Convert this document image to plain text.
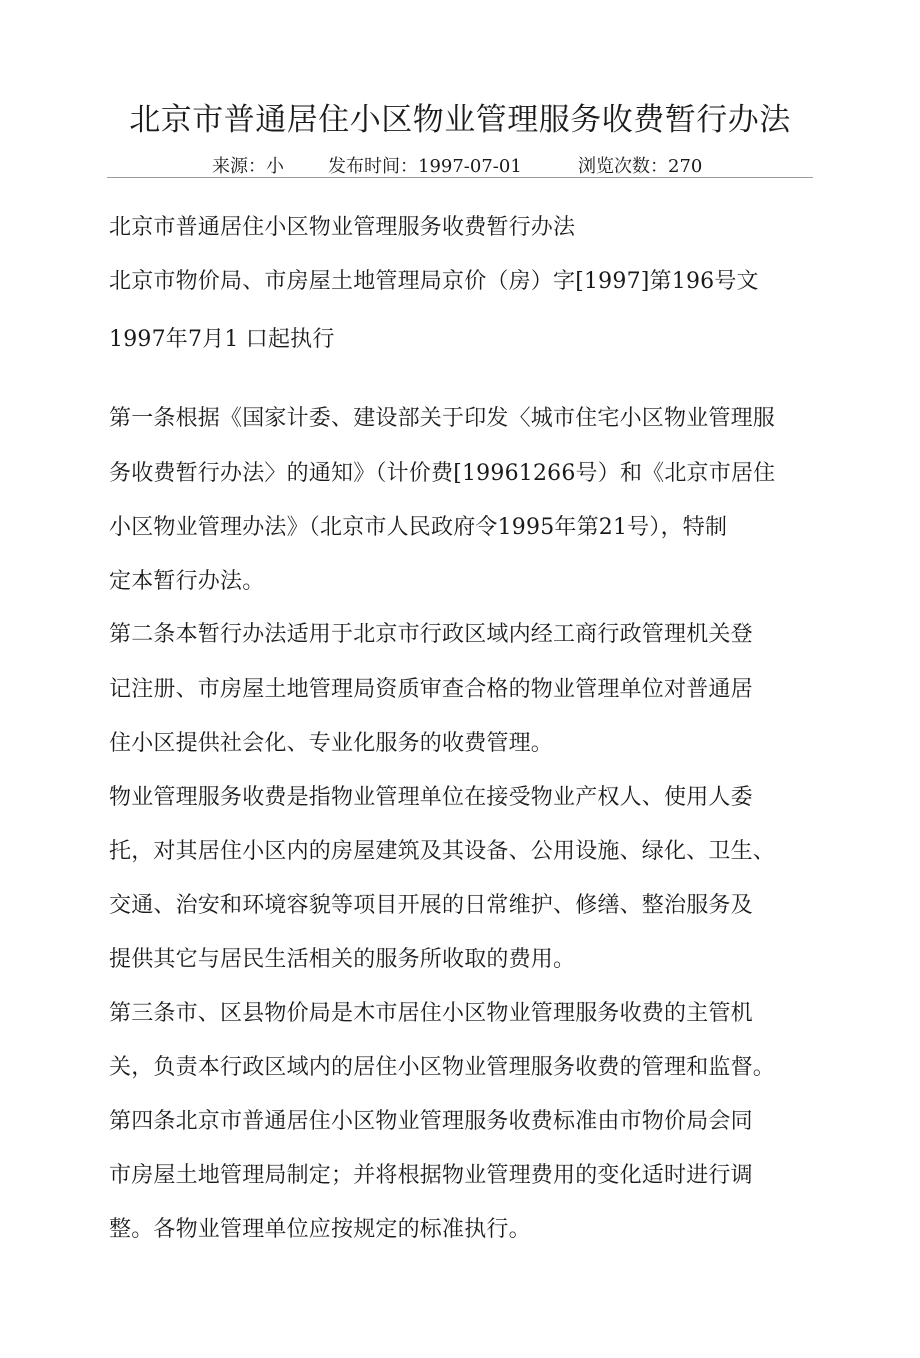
北京市普通居住小区物业管理服务收费暂行办法
来源：小 发布时间：1997-07-01	浏览次数：270
北京市普通居住小区物业管理服务收费暂行办法
北京市物价局、市房屋土地管理局京价（房）字[1997]第196号文
1997年7月1 口起执行
第一条根据《国家计委、建设部关于印发〈城市住宅小区物业管理服
务收费暂行办法〉的通知》（计价费[19961266号）和《北京市居住
小区物业管理办法》（北京市人民政府令1995年第21号），特制
定本暂行办法。
第二条本暂行办法适用于北京市行政区域内经工商行政管理机关登
记注册、市房屋土地管理局资质审查合格的物业管理单位对普通居
住小区提供社会化、专业化服务的收费管理。
物业管理服务收费是指物业管理单位在接受物业产权人、使用人委
托，对其居住小区内的房屋建筑及其设备、公用设施、绿化、卫生、
交通、治安和环境容貌等项目开展的日常维护、修缮、整治服务及
提供其它与居民生活相关的服务所收取的费用。
第三条市、区县物价局是木市居住小区物业管理服务收费的主管机
关，负责本行政区域内的居住小区物业管理服务收费的管理和监督。
第四条北京市普通居住小区物业管理服务收费标准由市物价局会同
市房屋土地管理局制定；并将根据物业管理费用的变化适时进行调
整。各物业管理单位应按规定的标准执行。
